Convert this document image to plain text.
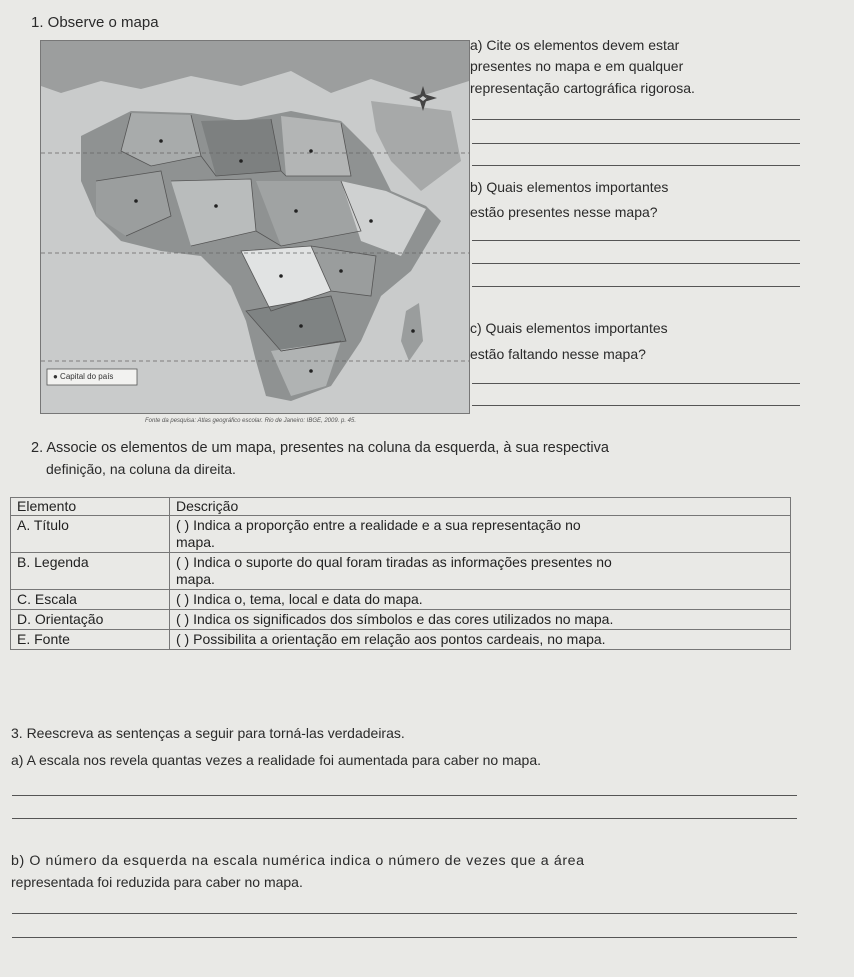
1. Observe o mapa
● Capital do país
Fonte da pesquisa: Atlas geográfico escolar. Rio de Janeiro: IBGE, 2009. p. 45.
a) Cite os elementos devem estar
presentes no mapa e em qualquer
representação cartográfica rigorosa.
b) Quais elementos importantes
estão presentes nesse mapa?
c) Quais elementos importantes
estão faltando nesse mapa?
2. Associe os elementos de um mapa, presentes na coluna da esquerda, à sua respectiva
definição, na coluna da direita.
Elemento	Descrição
A. Título	( ) Indica a proporção entre a realidade e a sua representação no
mapa.

B. Legenda	( ) Indica o suporte do qual foram tiradas as informações presentes no
mapa.

C. Escala	( ) Indica o, tema, local e data do mapa.
D. Orientação	( ) Indica os significados dos símbolos e das cores utilizados no mapa.
E. Fonte	( ) Possibilita a orientação em relação aos pontos cardeais, no mapa.
3. Reescreva as sentenças a seguir para torná-las verdadeiras.
a) A escala nos revela quantas vezes a realidade foi aumentada para caber no mapa.
b) O número da esquerda na escala numérica indica o número de vezes que a área
representada foi reduzida para caber no mapa.
